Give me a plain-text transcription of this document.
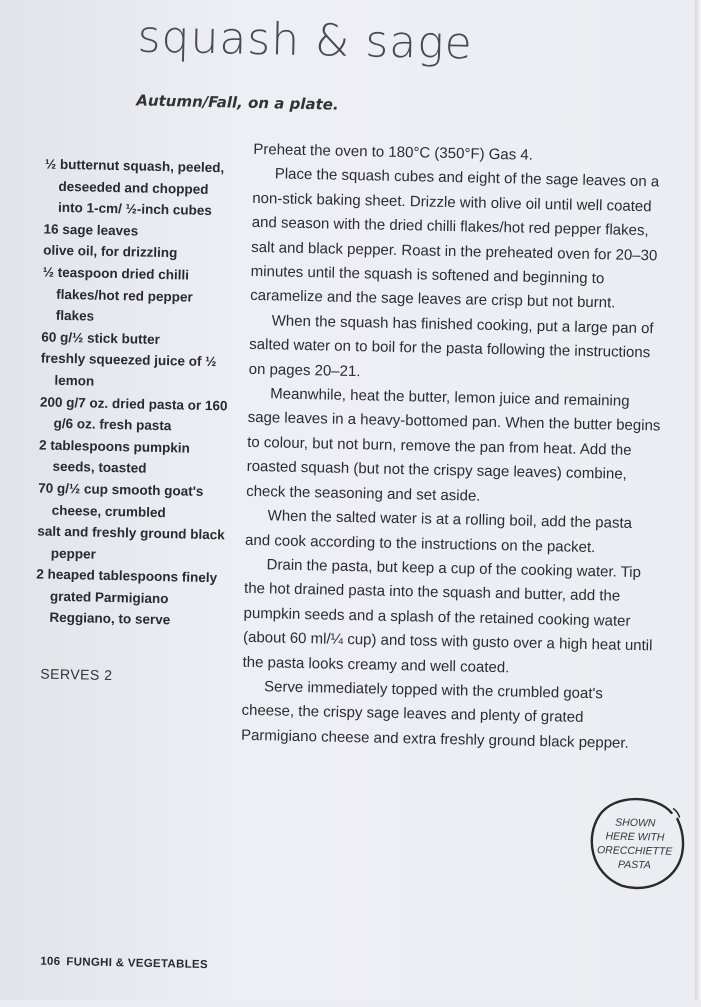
squash & sage
Autumn/Fall, on a plate.
½ butternut squash, peeled, deseeded and chopped into 1-cm/ ½-inch cubes
16 sage leaves
olive oil, for drizzling
½ teaspoon dried chilli flakes/hot red pepper flakes
60 g/½ stick butter
freshly squeezed juice of ½ lemon
200 g/7 oz. dried pasta or 160 g/6 oz. fresh pasta
2 tablespoons pumpkin seeds, toasted
70 g/½ cup smooth goat's cheese, crumbled
salt and freshly ground black pepper
2 heaped tablespoons finely grated Parmigiano Reggiano, to serve
SERVES 2

Preheat the oven to 180°C (350°F) Gas 4.

Place the squash cubes and eight of the sage leaves on a non-stick baking sheet. Drizzle with olive oil until well coated and season with the dried chilli flakes/hot red pepper flakes, salt and black pepper. Roast in the preheated oven for 20–30 minutes until the squash is softened and beginning to caramelize and the sage leaves are crisp but not burnt.

When the squash has finished cooking, put a large pan of salted water on to boil for the pasta following the instructions on pages 20–21.

Meanwhile, heat the butter, lemon juice and remaining sage leaves in a heavy-bottomed pan. When the butter begins to colour, but not burn, remove the pan from heat. Add the roasted squash (but not the crispy sage leaves) combine, check the seasoning and set aside.

When the salted water is at a rolling boil, add the pasta and cook according to the instructions on the packet.

Drain the pasta, but keep a cup of the cooking water. Tip the hot drained pasta into the squash and butter, add the pumpkin seeds and a splash of the retained cooking water (about 60 ml/¼ cup) and toss with gusto over a high heat until the pasta looks creamy and well coated.

Serve immediately topped with the crumbled goat's cheese, the crispy sage leaves and plenty of grated Parmigiano cheese and extra freshly ground black pepper.

SHOWN
HERE WITH
ORECCHIETTE
PASTA
106 FUNGHI & VEGETABLES
